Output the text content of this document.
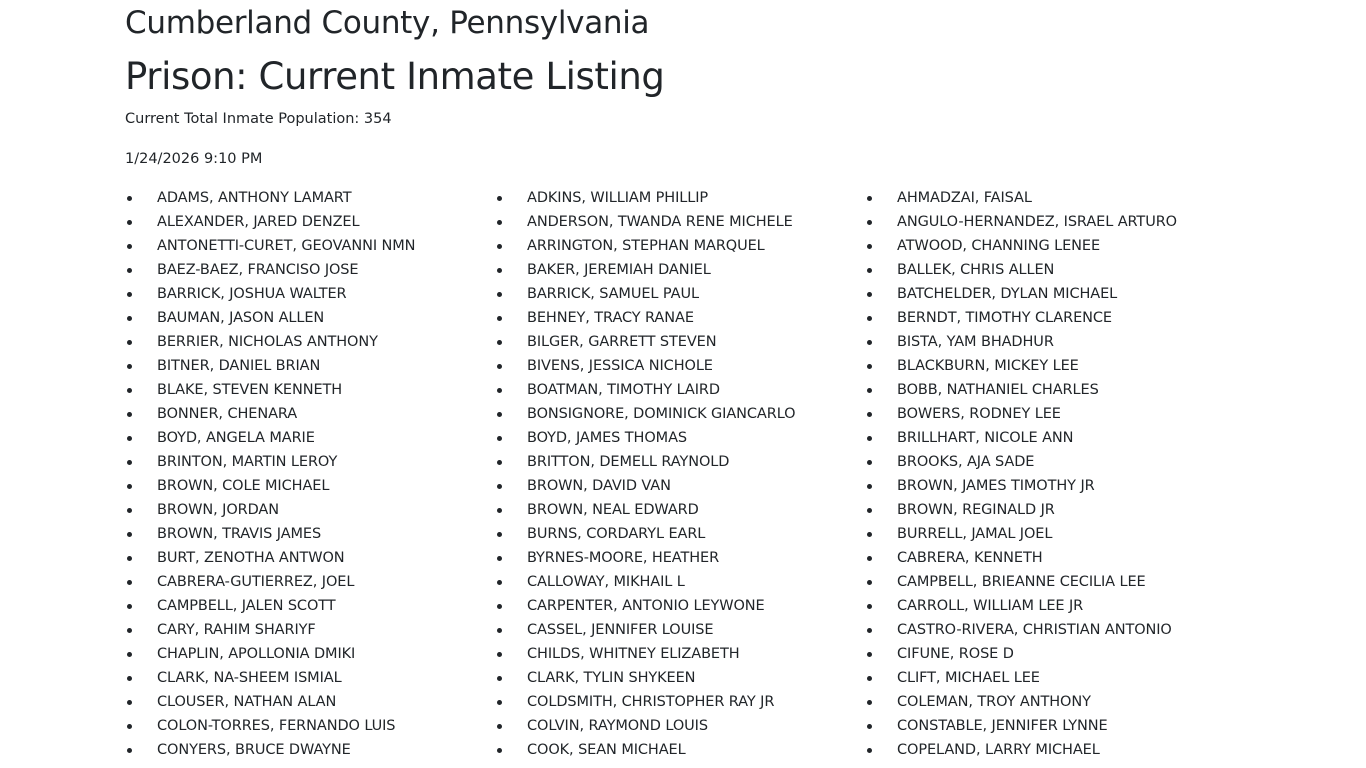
Cumberland County, Pennsylvania
Prison: Current Inmate Listing

Current Total Inmate Population: 354

1/24/2026 9:10 PM

ADAMS, ANTHONY LAMART	ADKINS, WILLIAM PHILLIP	AHMADZAI, FAISAL
ALEXANDER, JARED DENZEL	ANDERSON, TWANDA RENE MICHELE	ANGULO-HERNANDEZ, ISRAEL ARTURO
ANTONETTI-CURET, GEOVANNI NMN	ARRINGTON, STEPHAN MARQUEL	ATWOOD, CHANNING LENEE
BAEZ-BAEZ, FRANCISO JOSE	BAKER, JEREMIAH DANIEL	BALLEK, CHRIS ALLEN
BARRICK, JOSHUA WALTER	BARRICK, SAMUEL PAUL	BATCHELDER, DYLAN MICHAEL
BAUMAN, JASON ALLEN	BEHNEY, TRACY RANAE	BERNDT, TIMOTHY CLARENCE
BERRIER, NICHOLAS ANTHONY	BILGER, GARRETT STEVEN	BISTA, YAM BHADHUR
BITNER, DANIEL BRIAN	BIVENS, JESSICA NICHOLE	BLACKBURN, MICKEY LEE
BLAKE, STEVEN KENNETH	BOATMAN, TIMOTHY LAIRD	BOBB, NATHANIEL CHARLES
BONNER, CHENARA	BONSIGNORE, DOMINICK GIANCARLO	BOWERS, RODNEY LEE
BOYD, ANGELA MARIE	BOYD, JAMES THOMAS	BRILLHART, NICOLE ANN
BRINTON, MARTIN LEROY	BRITTON, DEMELL RAYNOLD	BROOKS, AJA SADE
BROWN, COLE MICHAEL	BROWN, DAVID VAN	BROWN, JAMES TIMOTHY JR
BROWN, JORDAN	BROWN, NEAL EDWARD	BROWN, REGINALD JR
BROWN, TRAVIS JAMES	BURNS, CORDARYL EARL	BURRELL, JAMAL JOEL
BURT, ZENOTHA ANTWON	BYRNES-MOORE, HEATHER	CABRERA, KENNETH
CABRERA-GUTIERREZ, JOEL	CALLOWAY, MIKHAIL L	CAMPBELL, BRIEANNE CECILIA LEE
CAMPBELL, JALEN SCOTT	CARPENTER, ANTONIO LEYWONE	CARROLL, WILLIAM LEE JR
CARY, RAHIM SHARIYF	CASSEL, JENNIFER LOUISE	CASTRO-RIVERA, CHRISTIAN ANTONIO
CHAPLIN, APOLLONIA DMIKI	CHILDS, WHITNEY ELIZABETH	CIFUNE, ROSE D
CLARK, NA-SHEEM ISMIAL	CLARK, TYLIN SHYKEEN	CLIFT, MICHAEL LEE
CLOUSER, NATHAN ALAN	COLDSMITH, CHRISTOPHER RAY JR	COLEMAN, TROY ANTHONY
COLON-TORRES, FERNANDO LUIS	COLVIN, RAYMOND LOUIS	CONSTABLE, JENNIFER LYNNE
CONYERS, BRUCE DWAYNE	COOK, SEAN MICHAEL	COPELAND, LARRY MICHAEL
